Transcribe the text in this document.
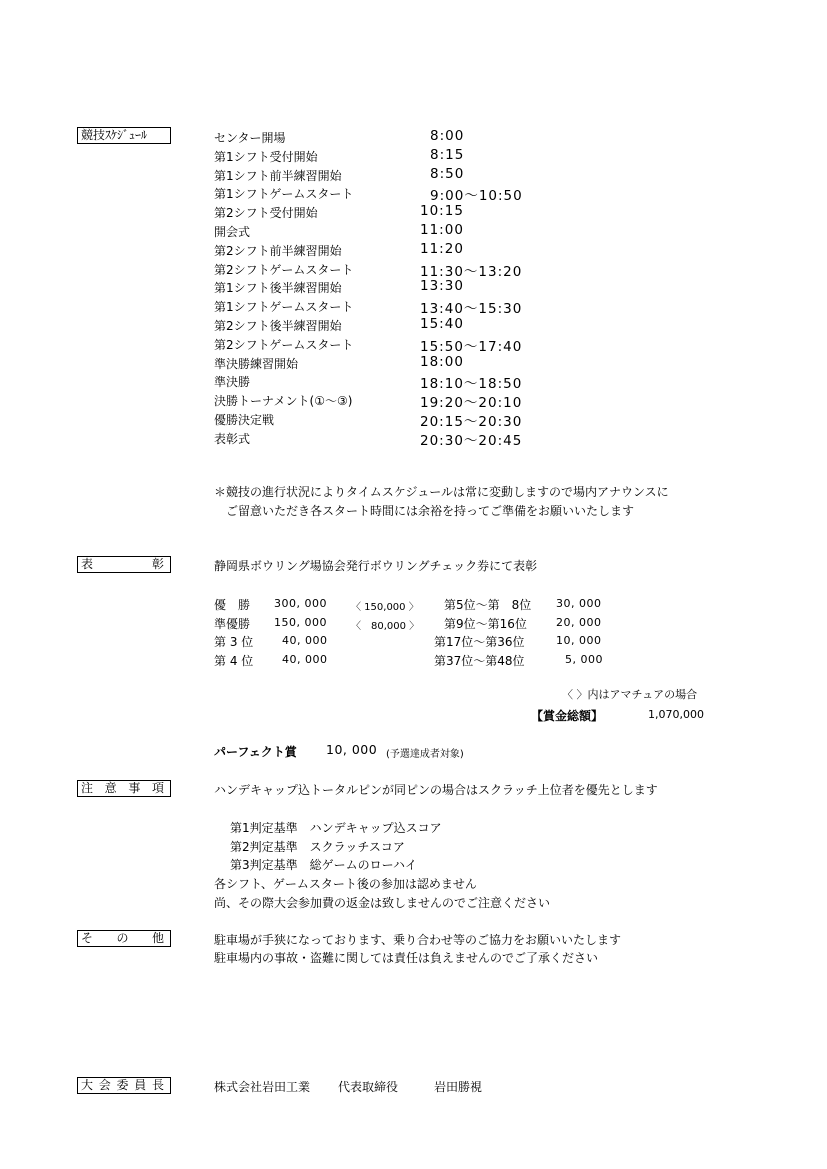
競技ｽｹｼﾞｭｰﾙ	センター開場	8:00
第1シフト受付開始	8:15
第1シフト前半練習開始	8:50
第1シフトゲームスタート	9:00～10:50
第2シフト受付開始	10:15
開会式	11:00
第2シフト前半練習開始	11:20
第2シフトゲームスタート	11:30～13:20
第1シフト後半練習開始	13:30
第1シフトゲームスタート	13:40～15:30
第2シフト後半練習開始	15:40
第2シフトゲームスタート	15:50～17:40
準決勝練習開始	18:00
準決勝	18:10～18:50
決勝トーナメント(①～③)	19:20～20:10
優勝決定戦	20:15～20:30
表彰式	20:30～20:45
＊競技の進行状況によりタイムスケジュールは常に変動しますので場内アナウンスに
ご留意いただき各スタート時間には余裕を持ってご準備をお願いいたします
表	彰	静岡県ボウリング場協会発行ボウリングチェック券にて表彰
優　勝 300, 000 〈 150,000 〉 第5位～第　8位 30, 000
準優勝 150, 000 〈　80,000 〉 第9位～第16位	20, 000
第 3 位	40, 000	第17位～第36位	10, 000
第 4 位	40, 000	第37位～第48位	5, 000
〈 〉内はアマチュアの場合
【賞金総額】	1,070,000
パーフェクト賞 10, 000 (予選達成者対象)
注 意 事 項	ハンデキャップ込トータルピンが同ピンの場合はスクラッチ上位者を優先とします
第1判定基準　ハンデキャップ込スコア
第2判定基準　スクラッチスコア
第3判定基準　総ゲームのローハイ
各シフト、ゲームスタート後の参加は認めません
尚、その際大会参加費の返金は致しませんのでご注意ください
そ の 他	駐車場が手狭になっております、乗り合わせ等のご協力をお願いいたします
駐車場内の事故・盗難に関しては責任は負えませんのでご了承ください
大 会 委 員 長	株式会社岩田工業 代表取締役	岩田勝視
